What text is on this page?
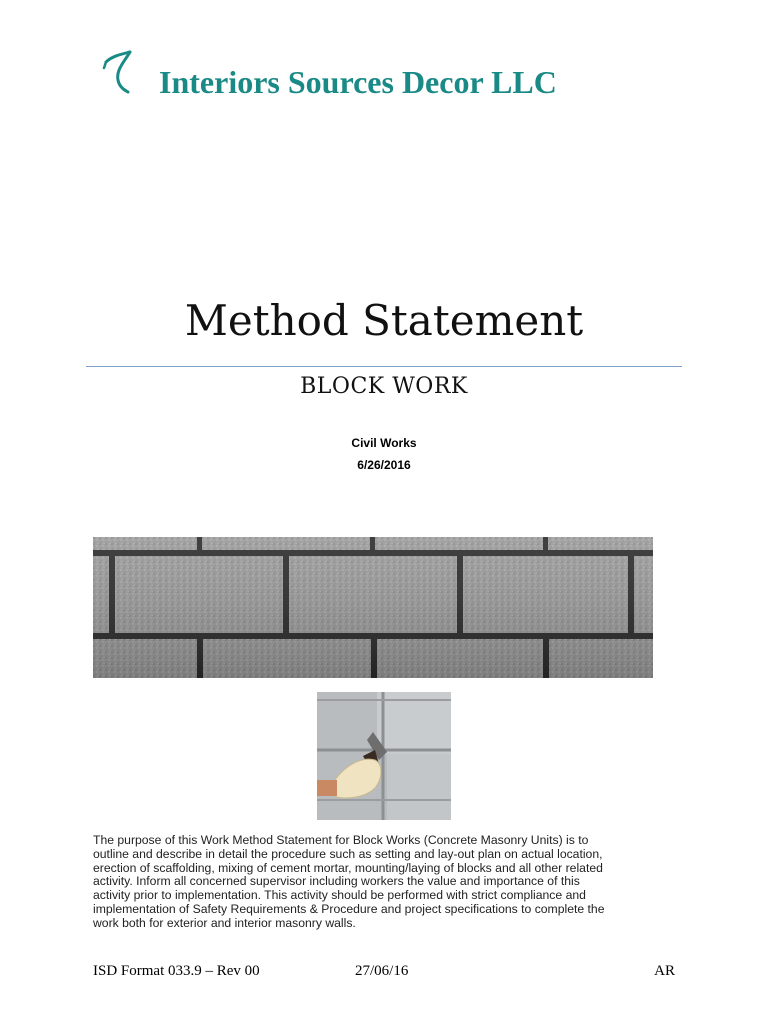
Interiors Sources Decor LLC
Method Statement
BLOCK WORK
Civil Works
6/26/2016
The purpose of this Work Method Statement for Block Works (Concrete Masonry Units) is to
outline and describe in detail the procedure such as setting and lay-out plan on actual location,
erection of scaffolding, mixing of cement mortar, mounting/laying of blocks and all other related
activity. Inform all concerned supervisor including workers the value and importance of this
activity prior to implementation. This activity should be performed with strict compliance and
implementation of Safety Requirements & Procedure and project specifications to complete the
work both for exterior and interior masonry walls.
ISD Format 033.9 – Rev 00	27/06/16	AR
